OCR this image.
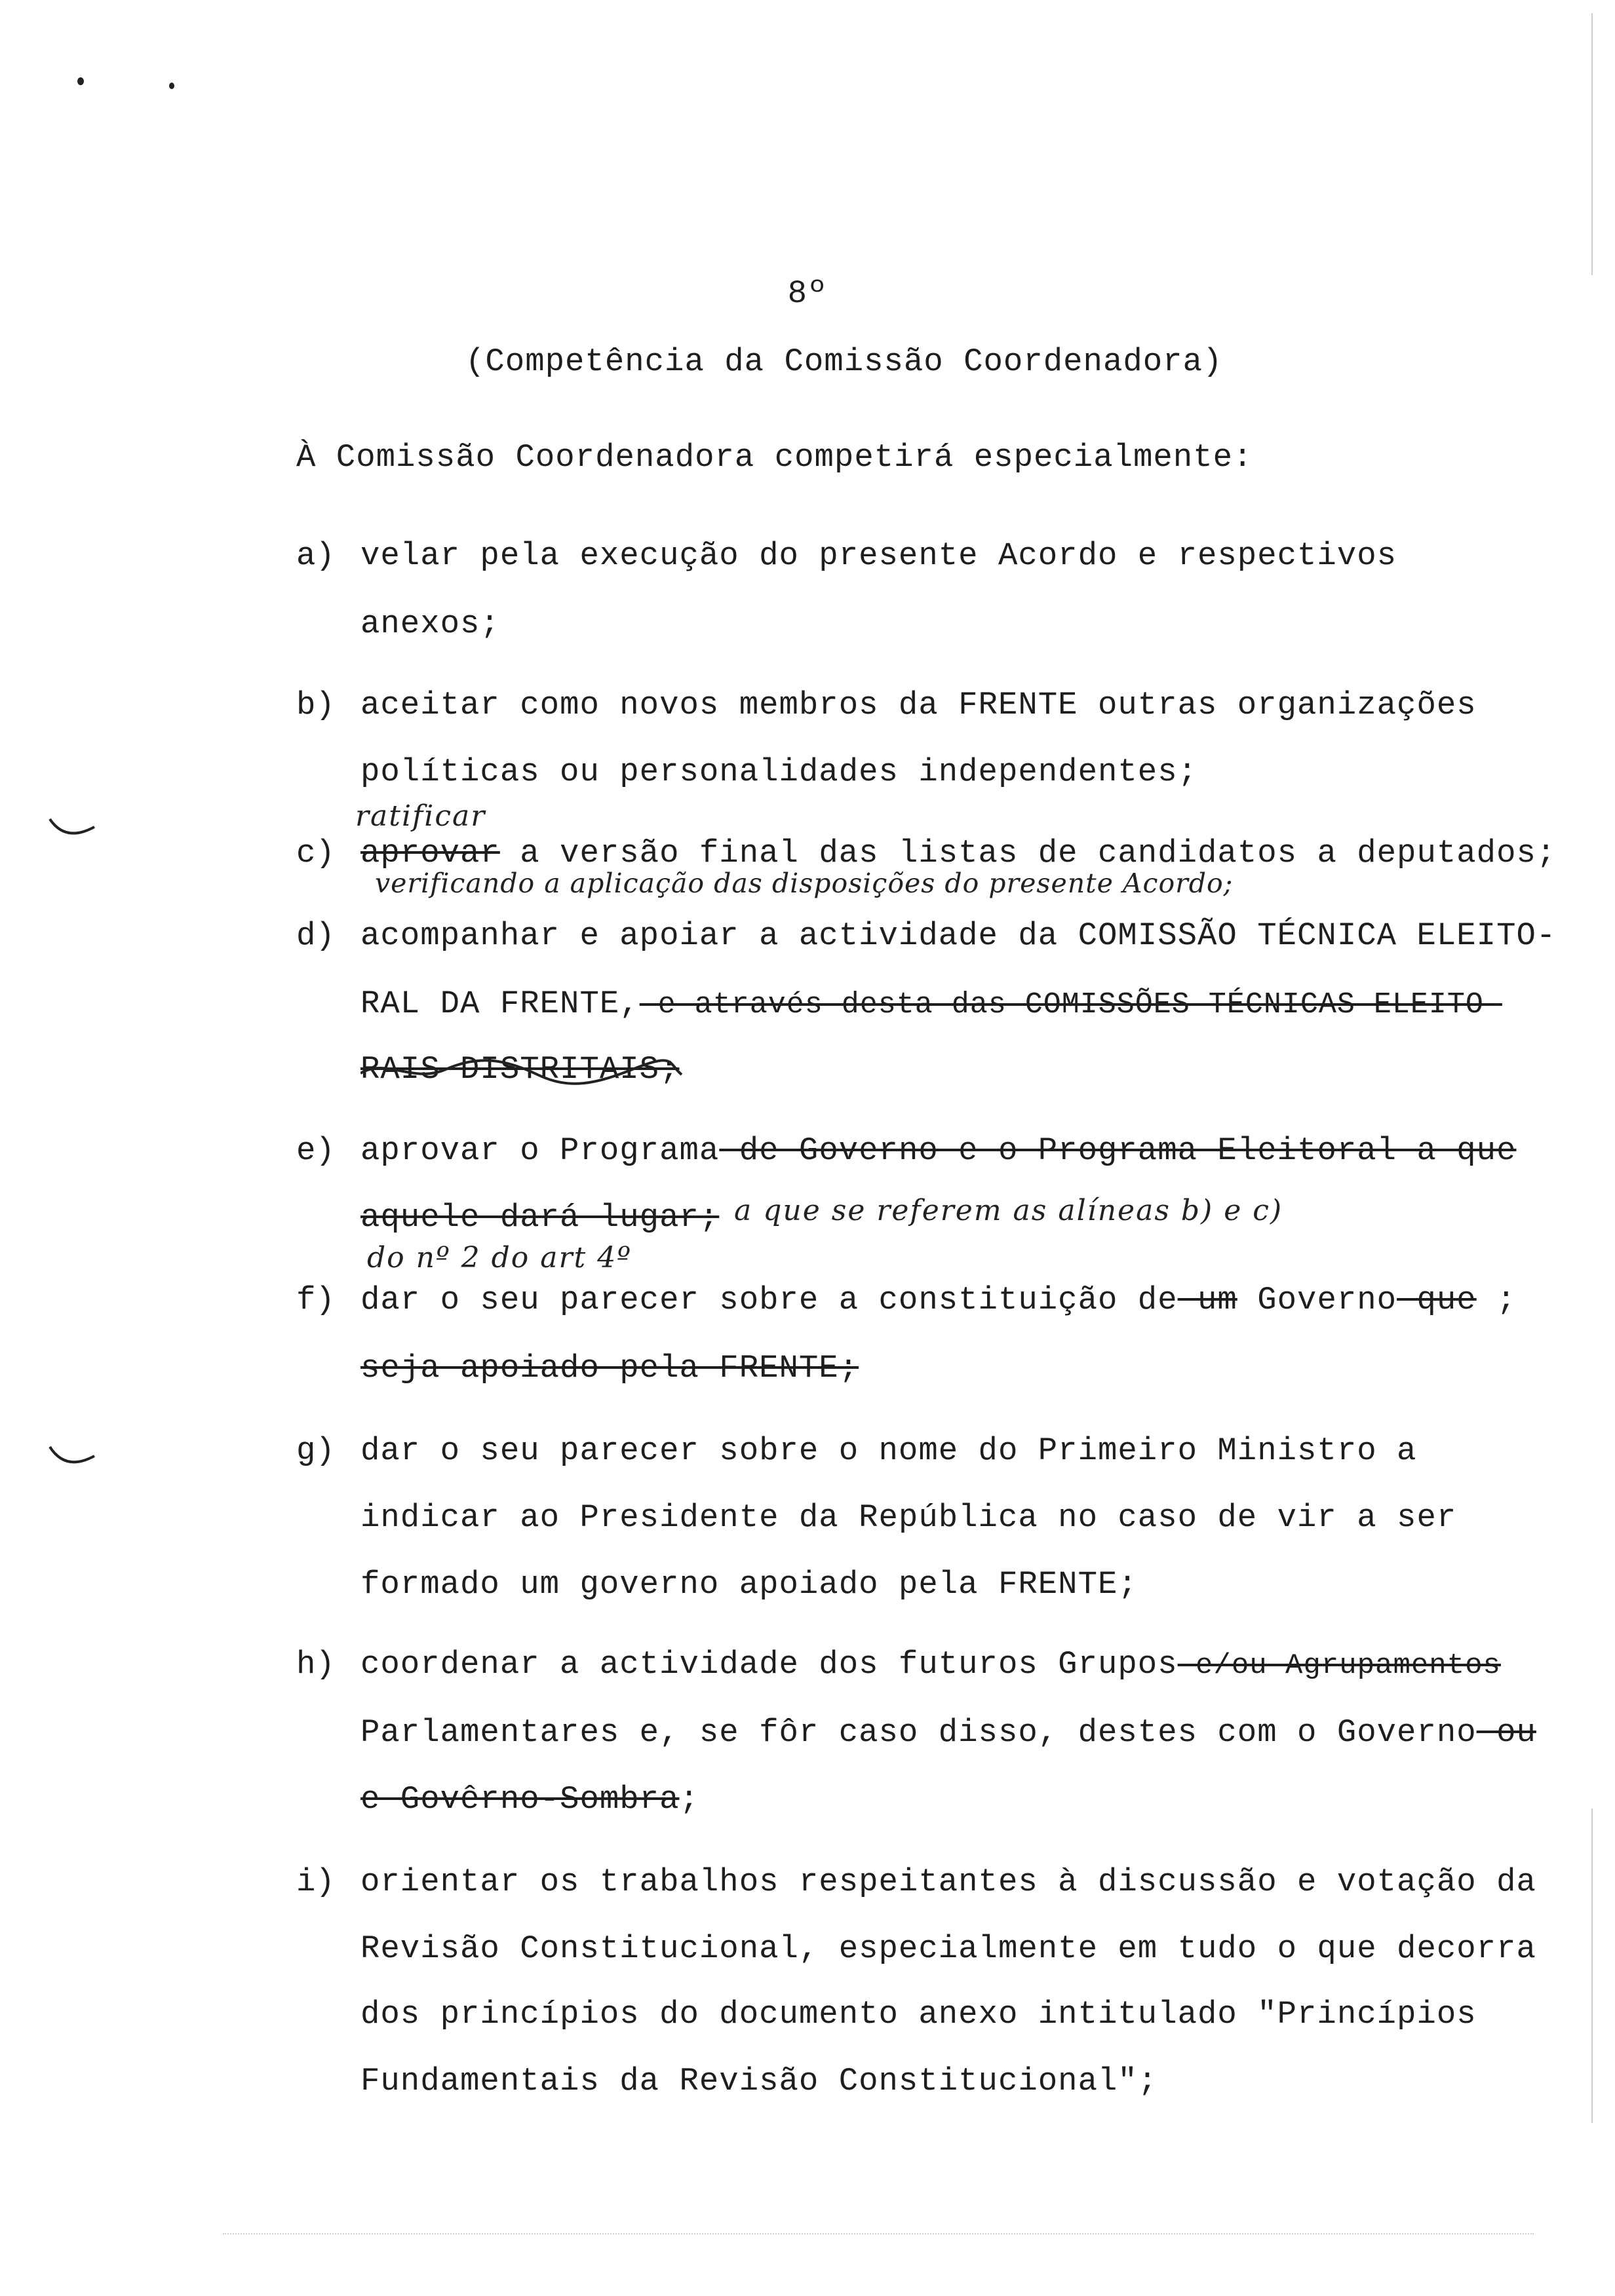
8º
(Competência da Comissão Coordenadora)
À Comissão Coordenadora competirá especialmente:
a) velar pela execução do presente Acordo e respectivos
anexos;
b) aceitar como novos membros da FRENTE outras organizações
políticas ou personalidades independentes;
ratificar
c) aprovar a versão final das listas de candidatos a deputados;
verificando a aplicação das disposições do presente Acordo;
d) acompanhar e apoiar a actividade da COMISSÃO TÉCNICA ELEITO-
RAL DA FRENTE, e através desta das COMISSÕES TÉCNICAS ELEITO-
RAIS DISTRITAIS;
e) aprovar o Programa de Governo e o Programa Eleitoral a que
aquele dará lugar; a que se referem as alíneas b) e c)
do nº 2 do art 4º
f) dar o seu parecer sobre a constituição de um Governo que ;
seja apoiado pela FRENTE;
g) dar o seu parecer sobre o nome do Primeiro Ministro a
indicar ao Presidente da República no caso de vir a ser
formado um governo apoiado pela FRENTE;
h) coordenar a actividade dos futuros Grupos e/ou Agrupamentos
Parlamentares e, se fôr caso disso, destes com o Governo ou
e Govêrno-Sombra;
i) orientar os trabalhos respeitantes à discussão e votação da
Revisão Constitucional, especialmente em tudo o que decorra
dos princípios do documento anexo intitulado "Princípios
Fundamentais da Revisão Constitucional";
